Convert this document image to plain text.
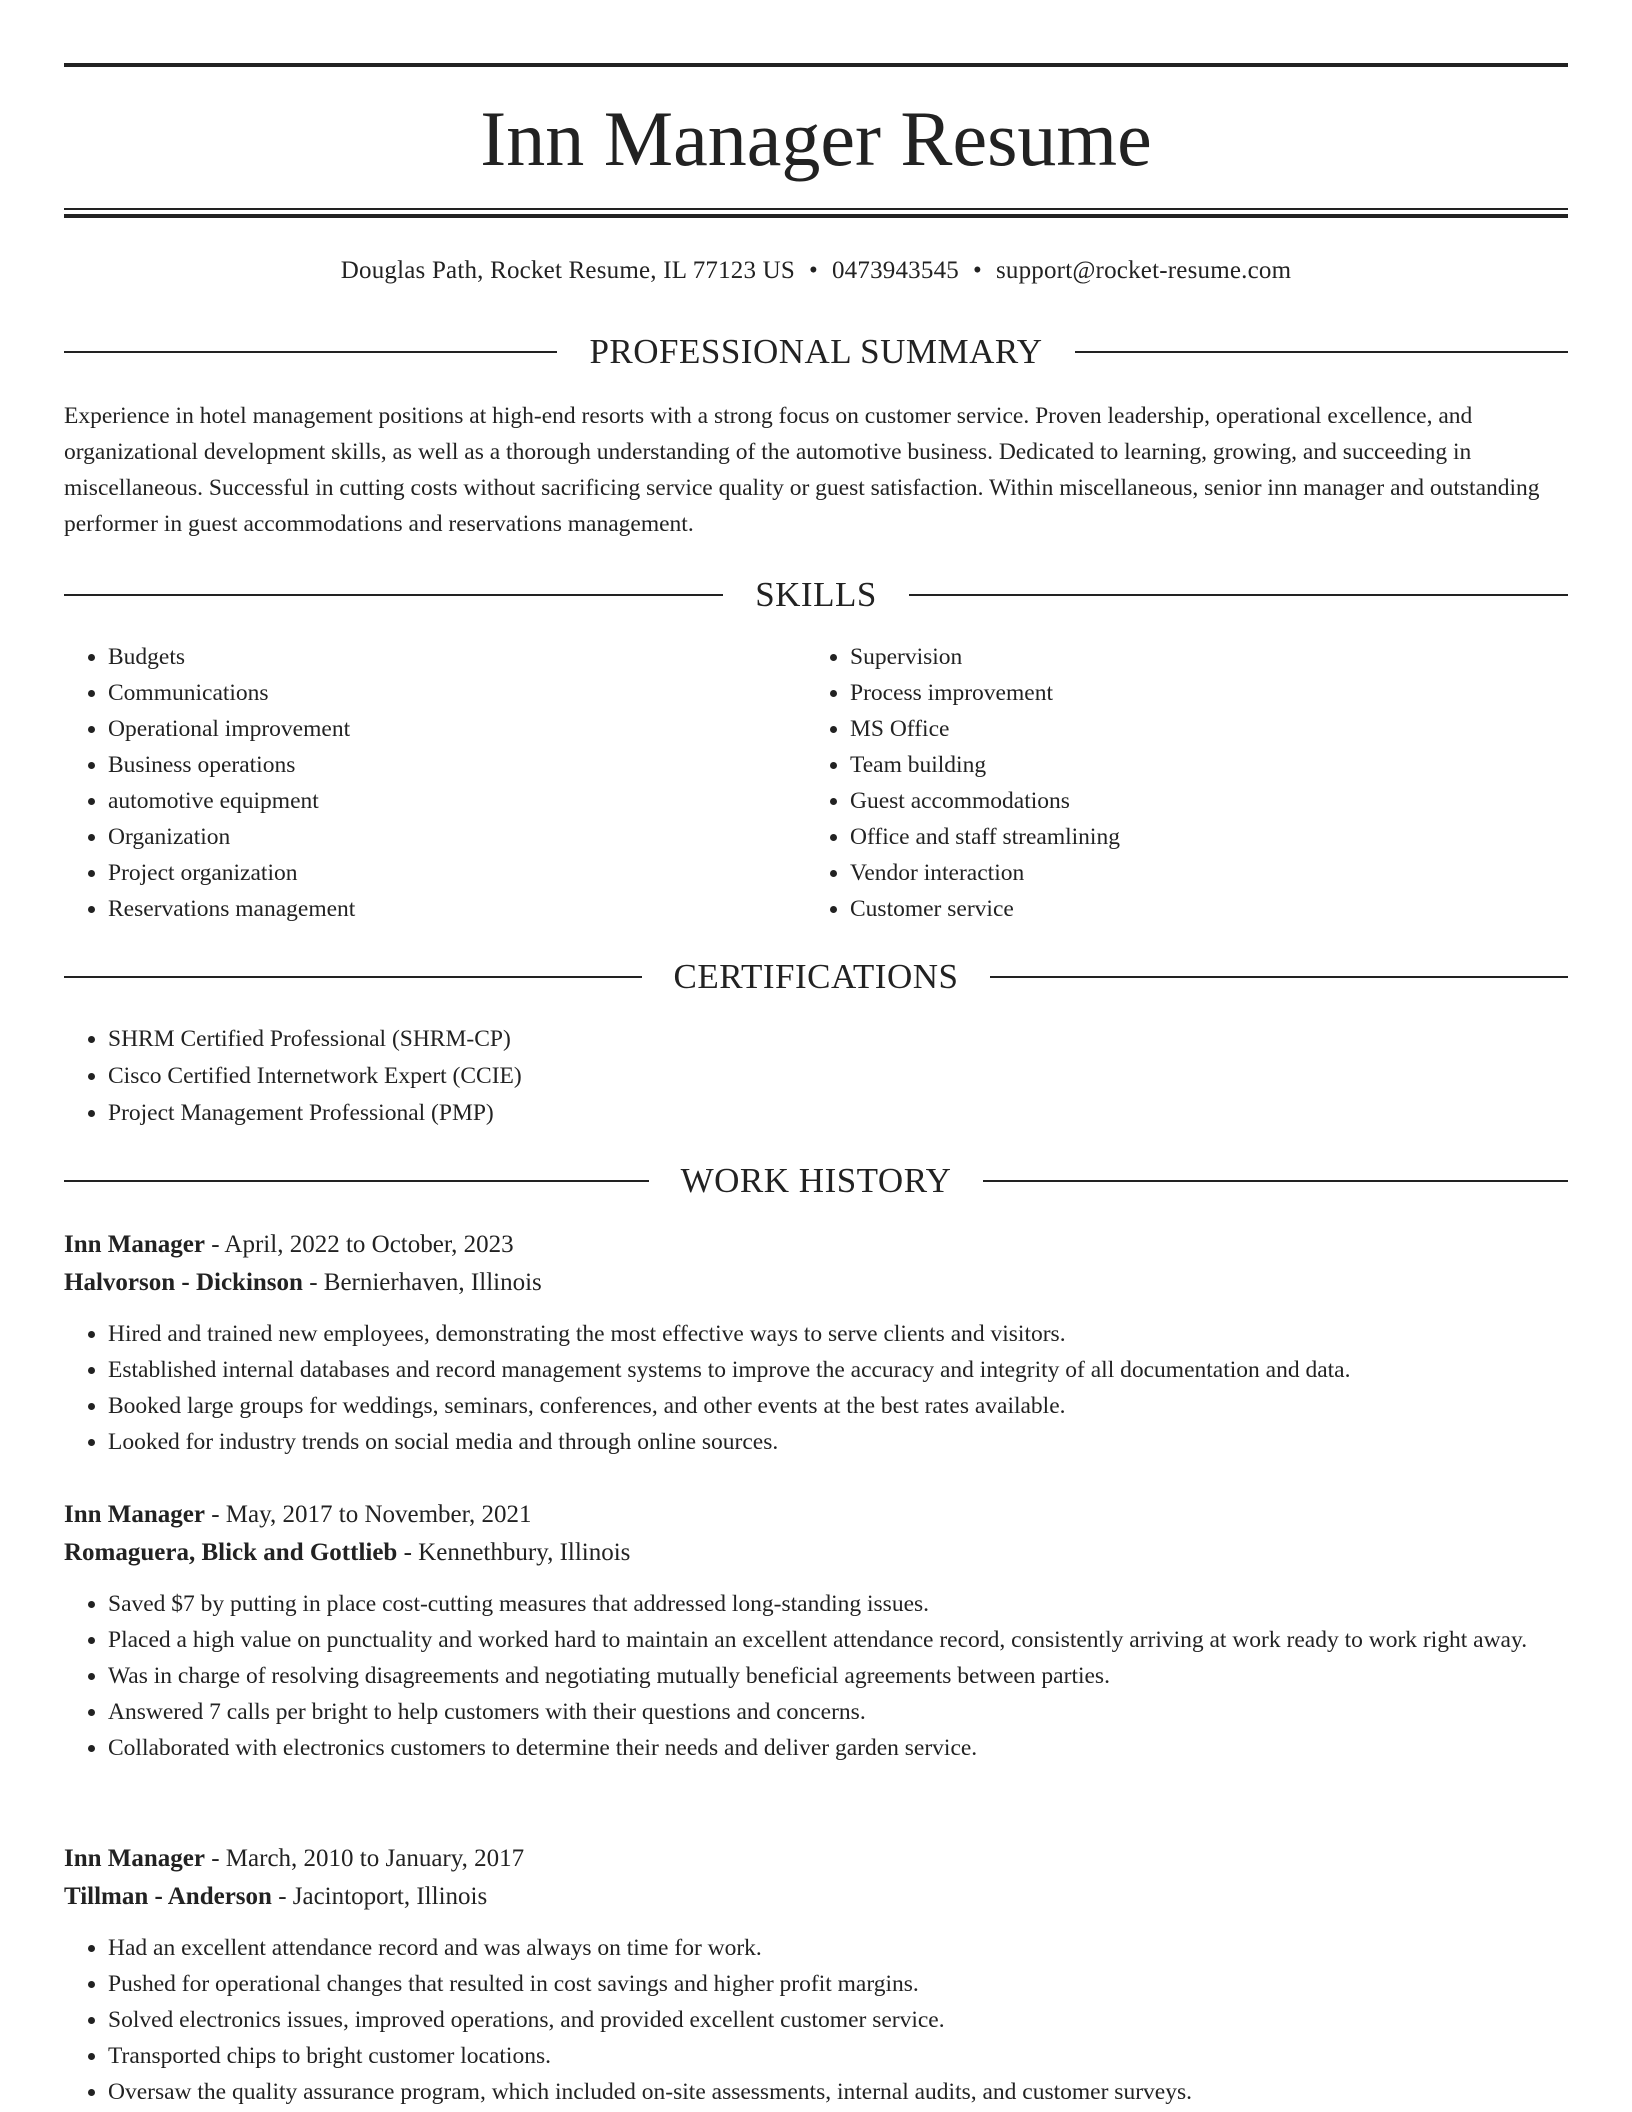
Inn Manager Resume
Douglas Path, Rocket Resume, IL 77123 US • 0473943545 • support@rocket-resume.com
PROFESSIONAL SUMMARY

Experience in hotel management positions at high-end resorts with a strong focus on customer service. Proven leadership, operational excellence, and organizational development skills, as well as a thorough understanding of the automotive business. Dedicated to learning, growing, and succeeding in miscellaneous. Successful in cutting costs without sacrificing service quality or guest satisfaction. Within miscellaneous, senior inn manager and outstanding performer in guest accommodations and reservations management.

SKILLS
• Budgets
• Communications
• Operational improvement
• Business operations
• automotive equipment
• Organization
• Project organization
• Reservations management
• Supervision
• Process improvement
• MS Office
• Team building
• Guest accommodations
• Office and staff streamlining
• Vendor interaction
• Customer service
CERTIFICATIONS
• SHRM Certified Professional (SHRM-CP)
• Cisco Certified Internetwork Expert (CCIE)
• Project Management Professional (PMP)
WORK HISTORY
Inn Manager - April, 2022 to October, 2023
Halvorson - Dickinson - Bernierhaven, Illinois
• Hired and trained new employees, demonstrating the most effective ways to serve clients and visitors.
• Established internal databases and record management systems to improve the accuracy and integrity of all documentation and data.
• Booked large groups for weddings, seminars, conferences, and other events at the best rates available.
• Looked for industry trends on social media and through online sources.
Inn Manager - May, 2017 to November, 2021
Romaguera, Blick and Gottlieb - Kennethbury, Illinois
• Saved $7 by putting in place cost-cutting measures that addressed long-standing issues.
• Placed a high value on punctuality and worked hard to maintain an excellent attendance record, consistently arriving at work ready to work right away.
• Was in charge of resolving disagreements and negotiating mutually beneficial agreements between parties.
• Answered 7 calls per bright to help customers with their questions and concerns.
• Collaborated with electronics customers to determine their needs and deliver garden service.
Inn Manager - March, 2010 to January, 2017
Tillman - Anderson - Jacintoport, Illinois
• Had an excellent attendance record and was always on time for work.
• Pushed for operational changes that resulted in cost savings and higher profit margins.
• Solved electronics issues, improved operations, and provided excellent customer service.
• Transported chips to bright customer locations.
• Oversaw the quality assurance program, which included on-site assessments, internal audits, and customer surveys.
